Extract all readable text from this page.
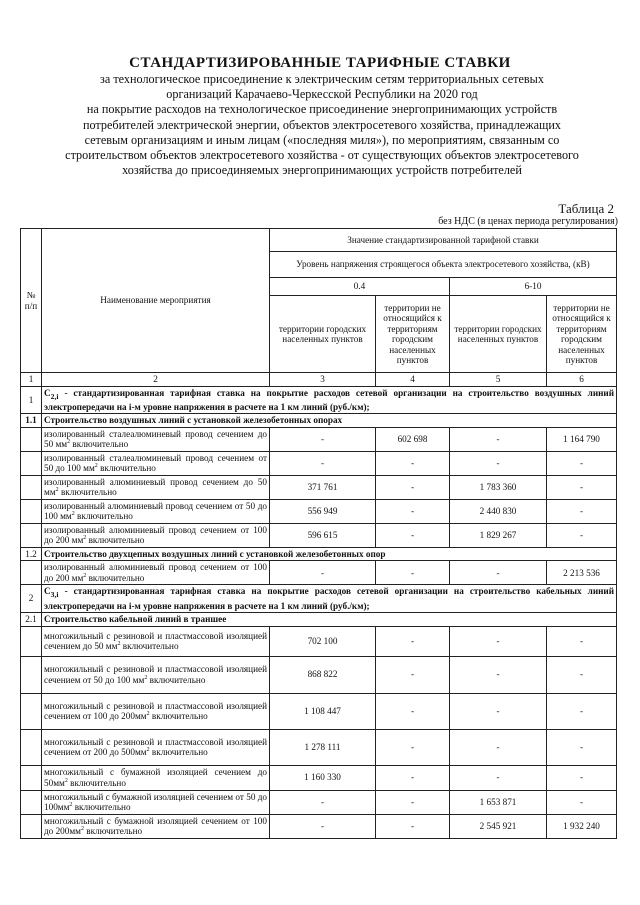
СТАНДАРТИЗИРОВАННЫЕ ТАРИФНЫЕ СТАВКИ
за технологическое присоединение к электрическим сетям территориальных сетевых
организаций Карачаево-Черкесской Республики на 2020 год
на покрытие расходов на технологическое присоединение энергопринимающих устройств
потребителей электрической энергии, объектов электросетевого хозяйства, принадлежащих
сетевым организациям и иным лицам («последняя миля»), по мероприятиям, связанным со
строительством объектов электросетевого хозяйства - от существующих объектов электросетевого
хозяйства до присоединяемых энергопринимающих устройств потребителей
Таблица 2
без НДС (в ценах периода регулирования)
№ п/п	Наименование мероприятия	Значение стандартизированной тарифной ставки			
		Уровень напряжения строящегося объекта электросетевого хозяйства, (кВ)			
		0.4		6-10	
		территории городских населенных пунктов	территории не относящийся к территориям городским населенных пунктов	территории городских населенных пунктов	территории не относящийся к территориям городским населенных пунктов
1	2	3	4	5	6
1	$C_{2,i}$ - стандартизированная тарифная ставка на покрытие расходов сетевой организации на строительство воздушных линий электропередачи на i-м уровне напряжения в расчете на 1 км линий (руб./км);				
1.1	Строительство воздушных линий с установкой железобетонных опорах				
	изолированный сталеалюминевый провод сечением до 50 $мм^2$ включительно	-	602 698	-	1 164 790
	изолированный сталеалюминевый провод сечением от 50 до 100 $мм^2$ включительно	-	-	-	-
	изолированный алюминиевый провод сечением до 50 $мм^2$ включительно	371 761	-	1 783 360	-
	изолированный алюминиевый провод сечением от 50 до 100 $мм^2$ включительно	556 949	-	2 440 830	-
	изолированный алюминиевый провод сечением от 100 до 200 $мм^2$ включительно	596 615	-	1 829 267	-
1.2	Строительство двухцепных воздушных линий с установкой железобетонных опор				
	изолированный алюминиевый провод сечением от 100 до 200 $мм^2$ включительно	-	-	-	2 213 536
2	$C_{3,i}$ - стандартизированная тарифная ставка на покрытие расходов сетевой организации на строительство кабельных линий электропередачи на i-м уровне напряжения в расчете на 1 км линий (руб./км);				
2.1	Строительство кабельной линий в траншее				
	многожильный с резиновой и пластмассовой изоляцией сечением до 50 $мм^2$ включительно	702 100	-	-	-
	многожильный с резиновой и пластмассовой изоляцией сечением от 50 до 100 $мм^2$ включительно	868 822	-	-	-
	многожильный с резиновой и пластмассовой изоляцией сечением от 100 до $200мм^2$ включительно	1 108 447	-	-	-
	многожильный с резиновой и пластмассовой изоляцией сечением от 200 до $500мм^2$ включительно	1 278 111	-	-	-
	многожильный с бумажной изоляцией сечением до $50мм^2$ включительно	1 160 330	-	-	-
	многожильный с бумажной изоляцией сечением от 50 до $100мм^2$ включительно	-	-	1 653 871	-
	многожильный с бумажной изоляцией сечением от 100 до $200мм^2$ включительно	-	-	2 545 921	1 932 240
